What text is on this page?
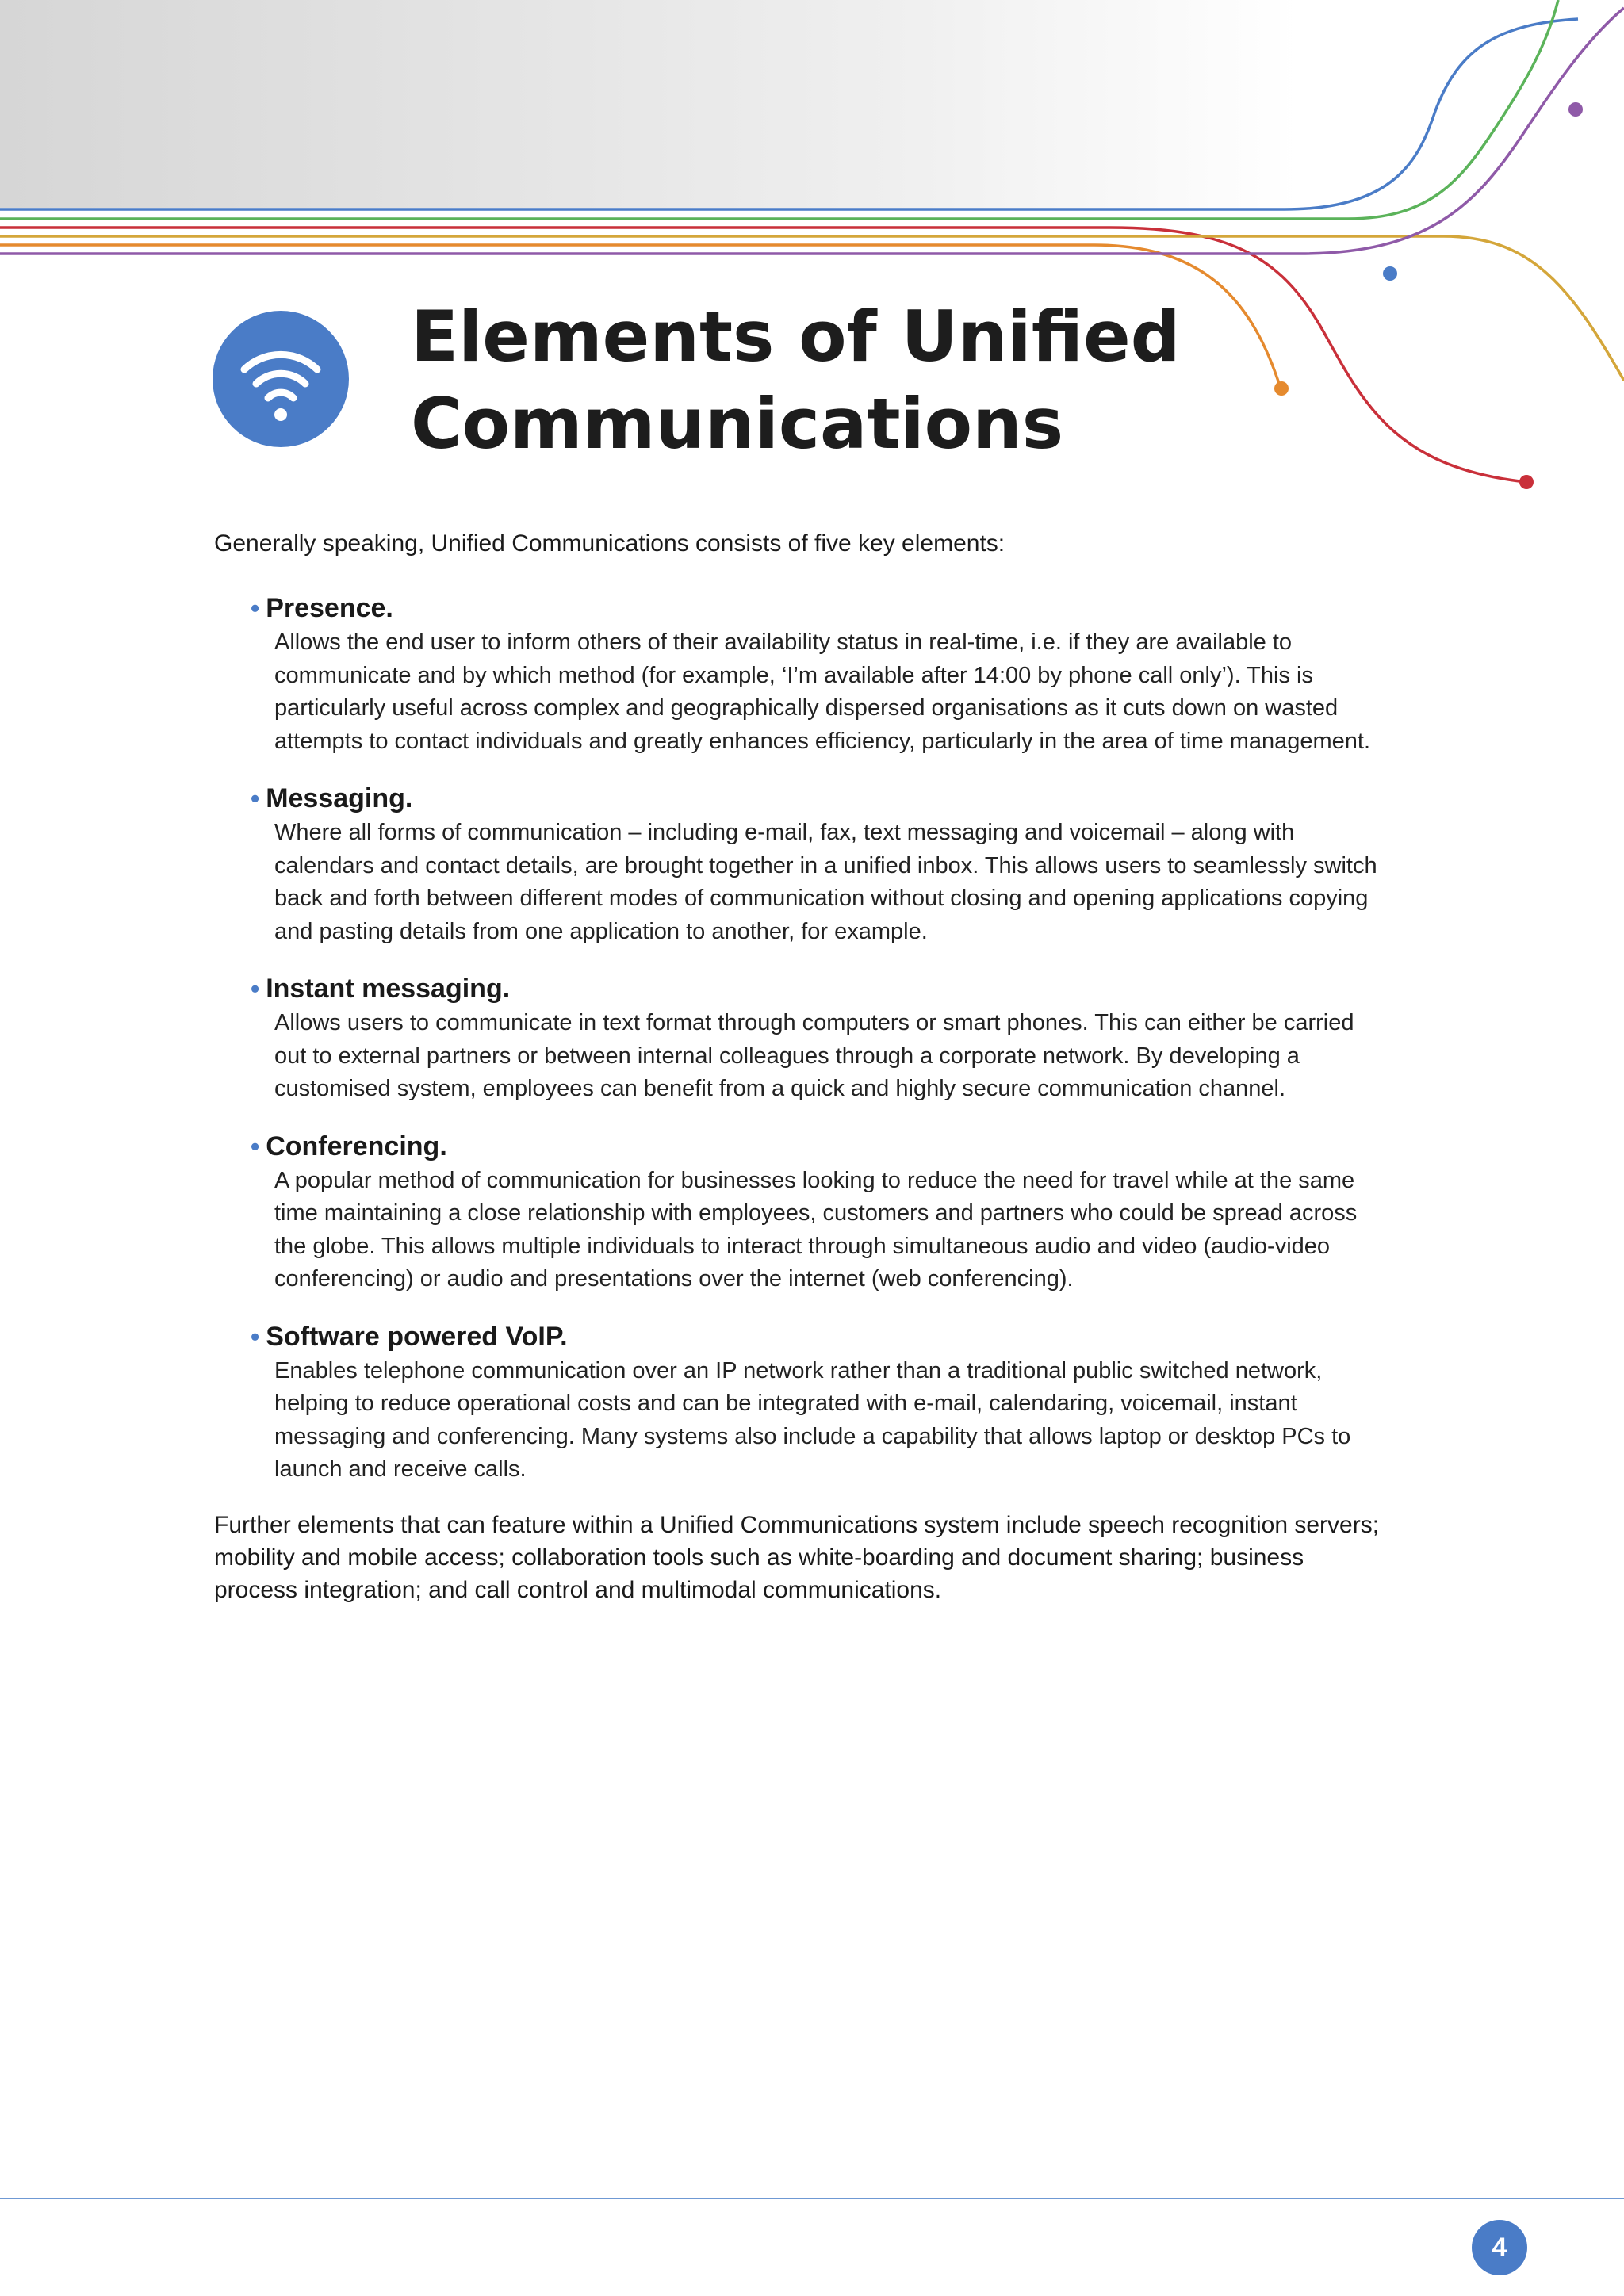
Elements of Unified Communications

Generally speaking, Unified Communications consists of five key elements:

• Presence.

Allows the end user to inform others of their availability status in real-time, i.e. if they are available to communicate and by which method (for example, ‘I’m available after 14:00 by phone call only’). This is particularly useful across complex and geographically dispersed organisations as it cuts down on wasted attempts to contact individuals and greatly enhances efficiency, particularly in the area of time management.

• Messaging.

Where all forms of communication – including e-mail, fax, text messaging and voicemail – along with calendars and contact details, are brought together in a unified inbox. This allows users to seamlessly switch back and forth between different modes of communication without closing and opening applications copying and pasting details from one application to another, for example.

• Instant messaging.

Allows users to communicate in text format through computers or smart phones. This can either be carried out to external partners or between internal colleagues through a corporate network. By developing a customised system, employees can benefit from a quick and highly secure communication channel.

• Conferencing.

A popular method of communication for businesses looking to reduce the need for travel while at the same time maintaining a close relationship with employees, customers and partners who could be spread across the globe. This allows multiple individuals to interact through simultaneous audio and video (audio-video conferencing) or audio and presentations over the internet (web conferencing).

• Software powered VoIP.

Enables telephone communication over an IP network rather than a traditional public switched network, helping to reduce operational costs and can be integrated with e-mail, calendaring, voicemail, instant messaging and conferencing. Many systems also include a capability that allows laptop or desktop PCs to launch and receive calls.

Further elements that can feature within a Unified Communications system include speech recognition servers; mobility and mobile access; collaboration tools such as white-boarding and document sharing; business process integration; and call control and multimodal communications.

4
